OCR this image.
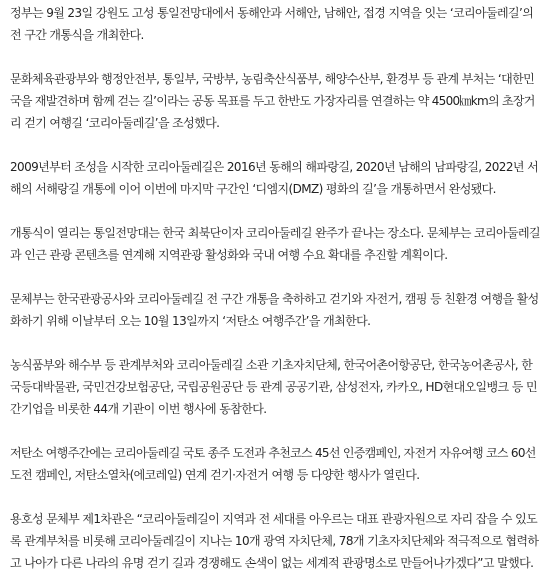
정부는 9월 23일 강원도 고성 통일전망대에서 동해안과 서해안, 남해안, 접경 지역을 잇는 ‘코리아둘레길’의
전 구간 개통식을 개최한다.

문화체육관광부와 행정안전부, 통일부, 국방부, 농림축산식품부, 해양수산부, 환경부 등 관계 부처는 ‘대한민
국을 재발견하며 함께 걷는 길’이라는 공동 목표를 두고 한반도 가장자리를 연결하는 약 4500㎞km의 초장거
리 걷기 여행길 ‘코리아둘레길’을 조성했다.

2009년부터 조성을 시작한 코리아둘레길은 2016년 동해의 해파랑길, 2020년 남해의 남파랑길, 2022년 서
해의 서해랑길 개통에 이어 이번에 마지막 구간인 ‘디엠지(DMZ) 평화의 길’을 개통하면서 완성됐다.

개통식이 열리는 통일전망대는 한국 최북단이자 코리아둘레길 완주가 끝나는 장소다. 문체부는 코리아둘레길
과 인근 관광 콘텐츠를 연계해 지역관광 활성화와 국내 여행 수요 확대를 추진할 계획이다.

문체부는 한국관광공사와 코리아둘레길 전 구간 개통을 축하하고 걷기와 자전거, 캠핑 등 친환경 여행을 활성
화하기 위해 이날부터 오는 10월 13일까지 ‘저탄소 여행주간’을 개최한다.

농식품부와 해수부 등 관계부처와 코리아둘레길 소관 기초자치단체, 한국어촌어항공단, 한국농어촌공사, 한
국등대박물관, 국민건강보험공단, 국립공원공단 등 관계 공공기관, 삼성전자, 카카오, HD현대오일뱅크 등 민
간기업을 비롯한 44개 기관이 이번 행사에 동참한다.

저탄소 여행주간에는 코리아둘레길 국토 종주 도전과 추천코스 45선 인증캠페인, 자전거 자유여행 코스 60선
도전 캠페인, 저탄소열차(에코레일) 연계 걷기·자전거 여행 등 다양한 행사가 열린다.

용호성 문체부 제1차관은 “코리아둘레길이 지역과 전 세대를 아우르는 대표 관광자원으로 자리 잡을 수 있도
록 관계부처를 비롯해 코리아둘레길이 지나는 10개 광역 자치단체, 78개 기초자치단체와 적극적으로 협력하
고 나아가 다른 나라의 유명 걷기 길과 경쟁해도 손색이 없는 세계적 관광명소로 만들어나가겠다”고 말했다.
